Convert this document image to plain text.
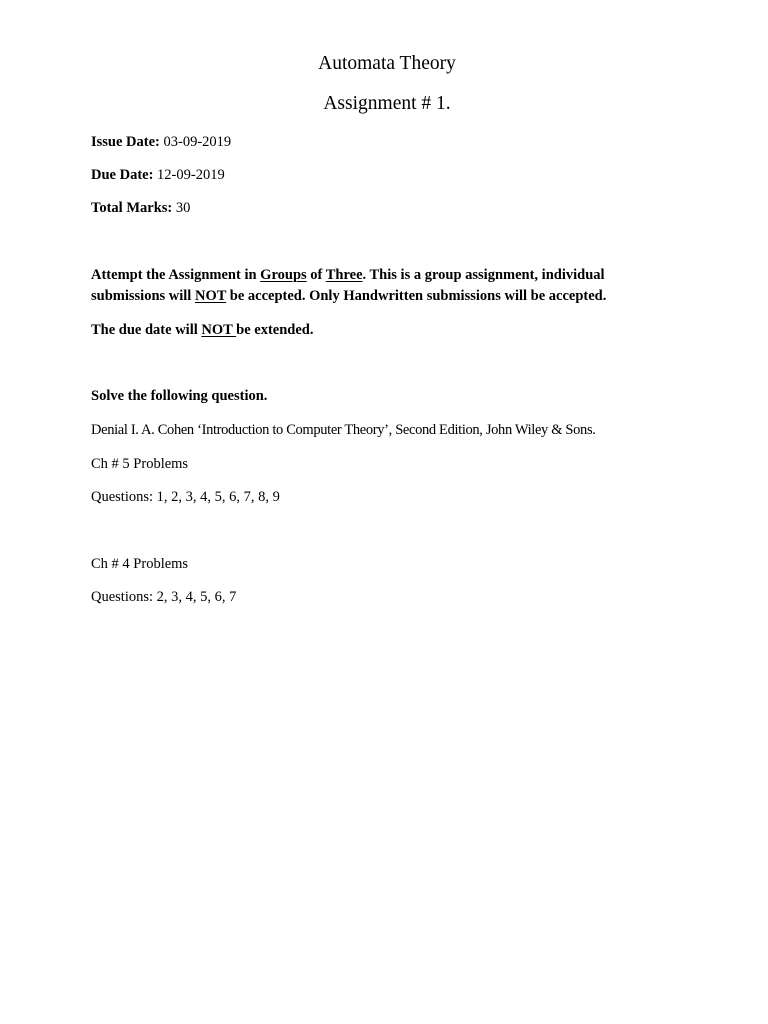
Automata Theory
Assignment # 1.
Issue Date: 03-09-2019
Due Date: 12-09-2019
Total Marks: 30
Attempt the Assignment in Groups of Three. This is a group assignment, individual
submissions will NOT be accepted. Only Handwritten submissions will be accepted.
The due date will NOT be extended.
Solve the following question.
Denial I. A. Cohen ‘Introduction to Computer Theory’, Second Edition, John Wiley & Sons.
Ch # 5 Problems
Questions: 1, 2, 3, 4, 5, 6, 7, 8, 9
Ch # 4 Problems
Questions: 2, 3, 4, 5, 6, 7
